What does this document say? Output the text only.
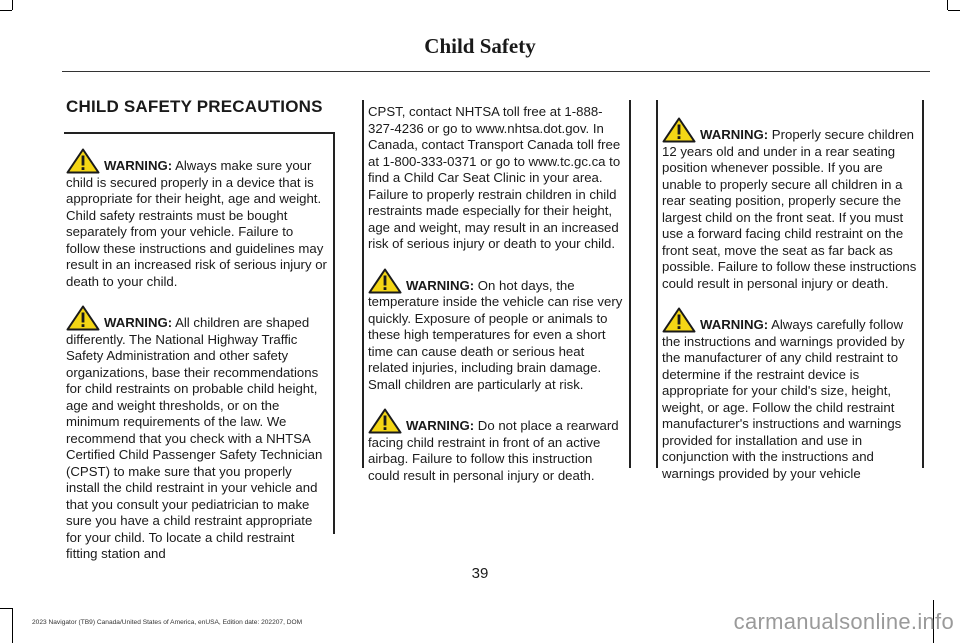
Child Safety
CHILD SAFETY PRECAUTIONS

WARNING: Always make sure your child is secured properly in a device that is appropriate for their height, age and weight. Child safety restraints must be bought separately from your vehicle. Failure to follow these instructions and guidelines may result in an increased risk of serious injury or death to your child.

WARNING: All children are shaped differently. The National Highway Traffic Safety Administration and other safety organizations, base their recommendations for child restraints on probable child height, age and weight thresholds, or on the minimum requirements of the law. We recommend that you check with a NHTSA Certified Child Passenger Safety Technician (CPST) to make sure that you properly install the child restraint in your vehicle and that you consult your pediatrician to make sure you have a child restraint appropriate for your child. To locate a child restraint fitting station and

CPST, contact NHTSA toll free at 1-888-327-4236 or go to www.nhtsa.dot.gov. In Canada, contact Transport Canada toll free at 1-800-333-0371 or go to www.tc.gc.ca to find a Child Car Seat Clinic in your area. Failure to properly restrain children in child restraints made especially for their height, age and weight, may result in an increased risk of serious injury or death to your child.

WARNING: On hot days, the temperature inside the vehicle can rise very quickly. Exposure of people or animals to these high temperatures for even a short time can cause death or serious heat related injuries, including brain damage. Small children are particularly at risk.

WARNING: Do not place a rearward facing child restraint in front of an active airbag. Failure to follow this instruction could result in personal injury or death.

WARNING: Properly secure children 12 years old and under in a rear seating position whenever possible. If you are unable to properly secure all children in a rear seating position, properly secure the largest child on the front seat. If you must use a forward facing child restraint on the front seat, move the seat as far back as possible. Failure to follow these instructions could result in personal injury or death.

WARNING: Always carefully follow the instructions and warnings provided by the manufacturer of any child restraint to determine if the restraint device is appropriate for your child's size, height, weight, or age. Follow the child restraint manufacturer's instructions and warnings provided for installation and use in conjunction with the instructions and warnings provided by your vehicle

39
2023 Navigator (TB9) Canada/United States of America, enUSA, Edition date: 202207, DOM	carmanualsonline.info
